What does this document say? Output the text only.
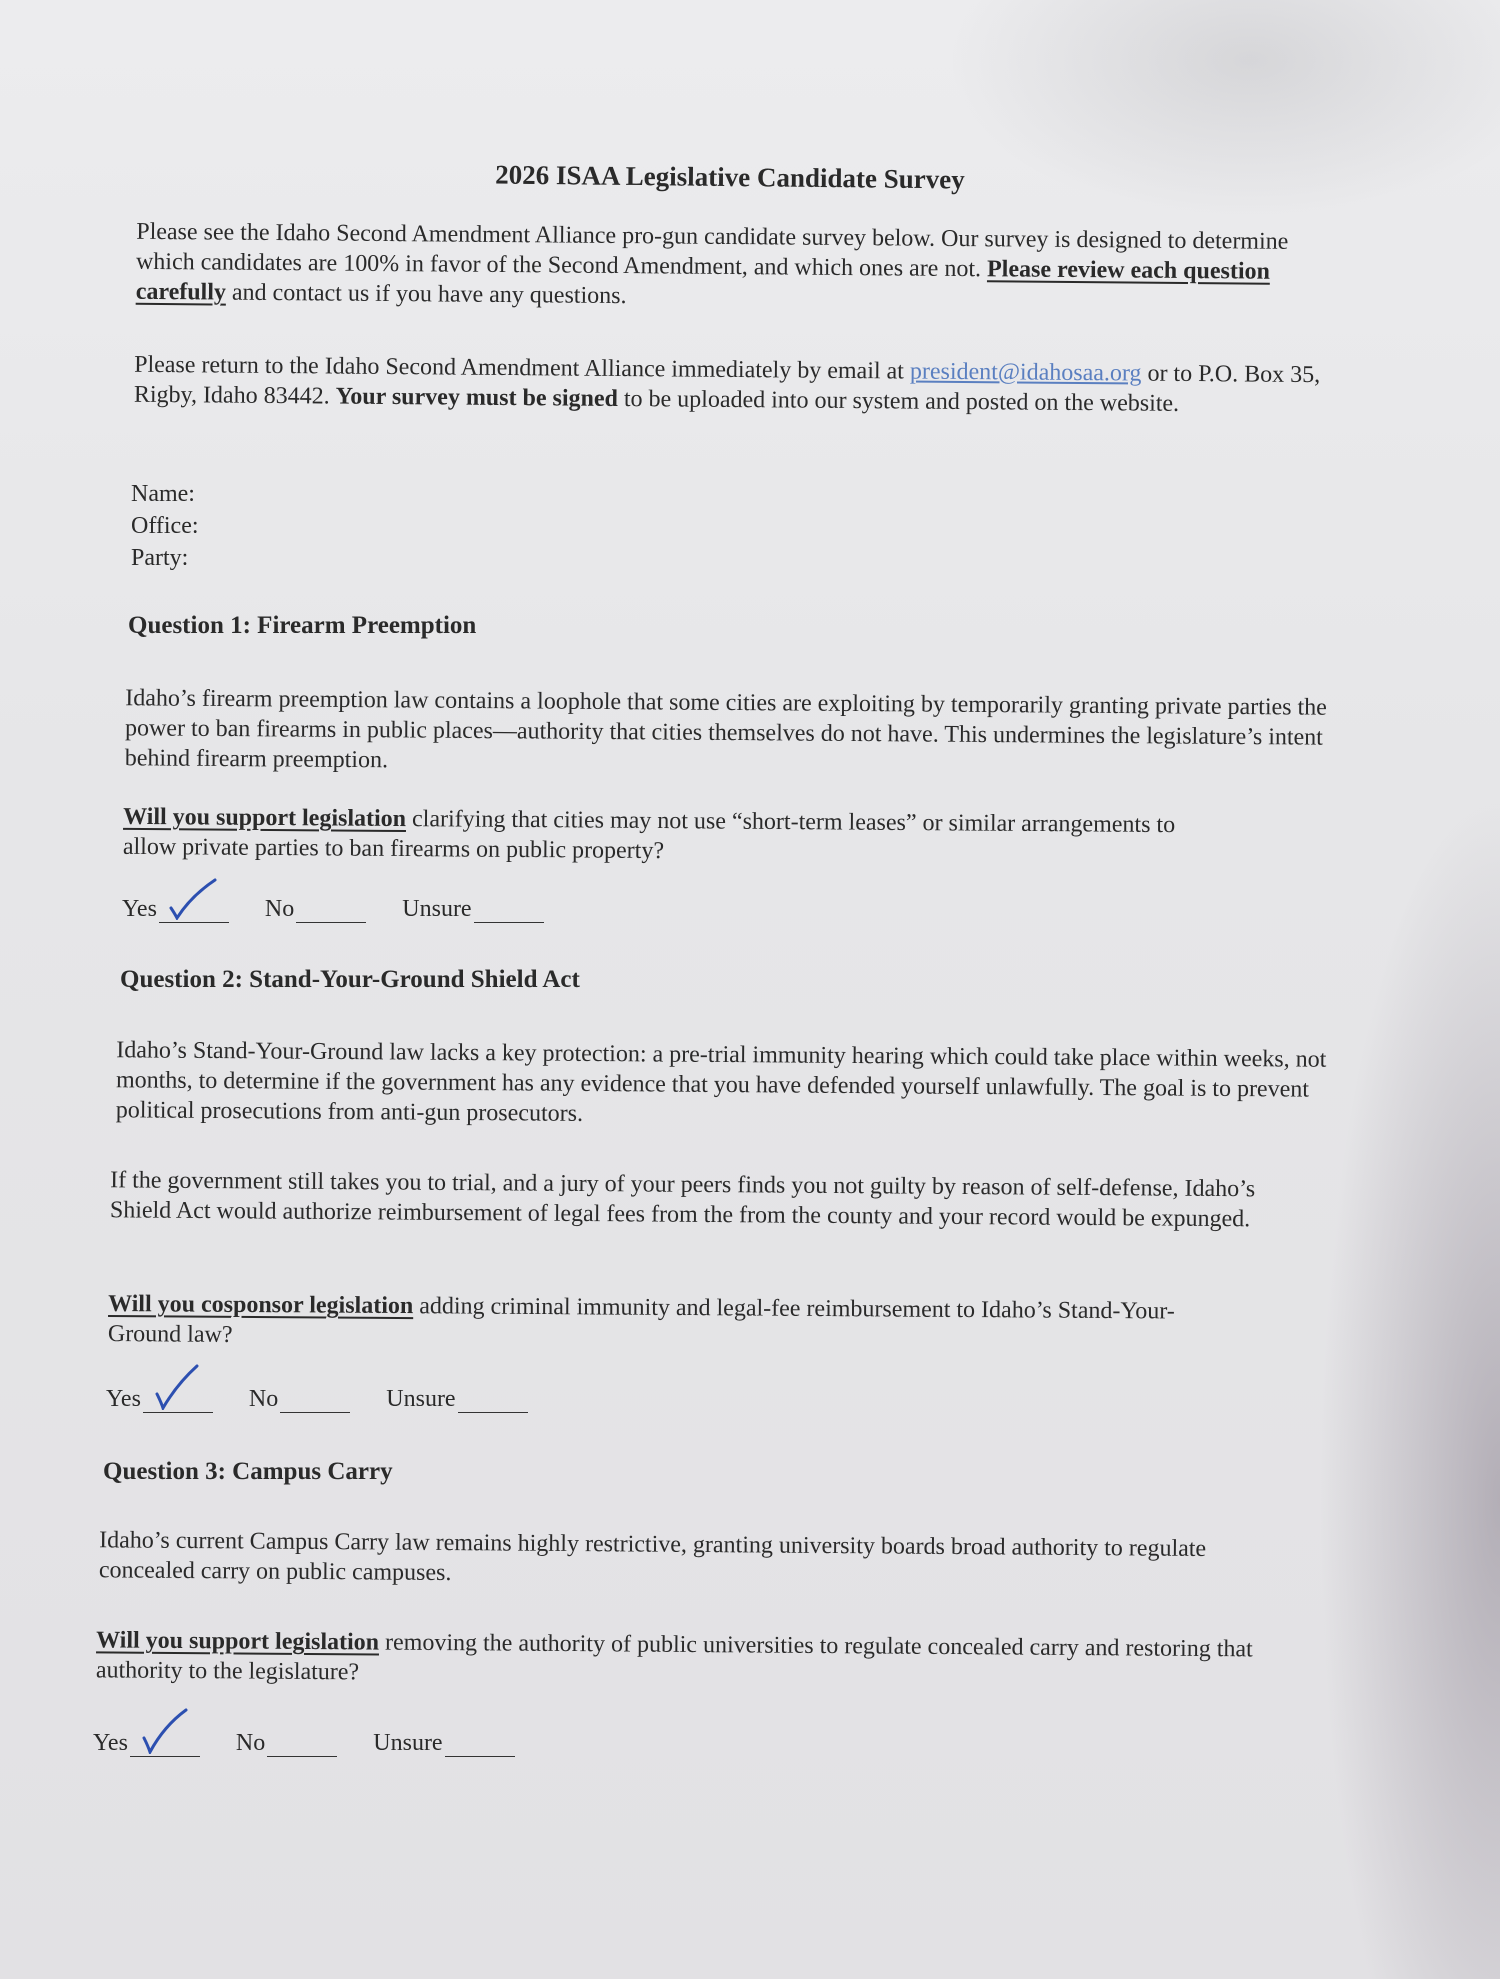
2026 ISAA Legislative Candidate Survey
Please see the Idaho Second Amendment Alliance pro-gun candidate survey below. Our survey is designed to determine which candidates are 100% in favor of the Second Amendment, and which ones are not. Please review each question carefully and contact us if you have any questions.
Please return to the Idaho Second Amendment Alliance immediately by email at president@idahosaa.org or to P.O. Box 35, Rigby, Idaho 83442. Your survey must be signed to be uploaded into our system and posted on the website.
Name:
Office:
Party:
Question 1: Firearm Preemption
Idaho’s firearm preemption law contains a loophole that some cities are exploiting by temporarily granting private parties the power to ban firearms in public places—authority that cities themselves do not have. This undermines the legislature’s intent behind firearm preemption.
Will you support legislation clarifying that cities may not use “short-term leases” or similar arrangements to allow private parties to ban firearms on public property?
Yes	No	Unsure
Question 2: Stand-Your-Ground Shield Act
Idaho’s Stand-Your-Ground law lacks a key protection: a pre-trial immunity hearing which could take place within weeks, not months, to determine if the government has any evidence that you have defended yourself unlawfully. The goal is to prevent political prosecutions from anti-gun prosecutors.
If the government still takes you to trial, and a jury of your peers finds you not guilty by reason of self-defense, Idaho’s Shield Act would authorize reimbursement of legal fees from the from the county and your record would be expunged.
Will you cosponsor legislation adding criminal immunity and legal-fee reimbursement to Idaho’s Stand-Your-Ground law?
Yes	No	Unsure
Question 3: Campus Carry
Idaho’s current Campus Carry law remains highly restrictive, granting university boards broad authority to regulate concealed carry on public campuses.
Will you support legislation removing the authority of public universities to regulate concealed carry and restoring that authority to the legislature?
Yes	No	Unsure
